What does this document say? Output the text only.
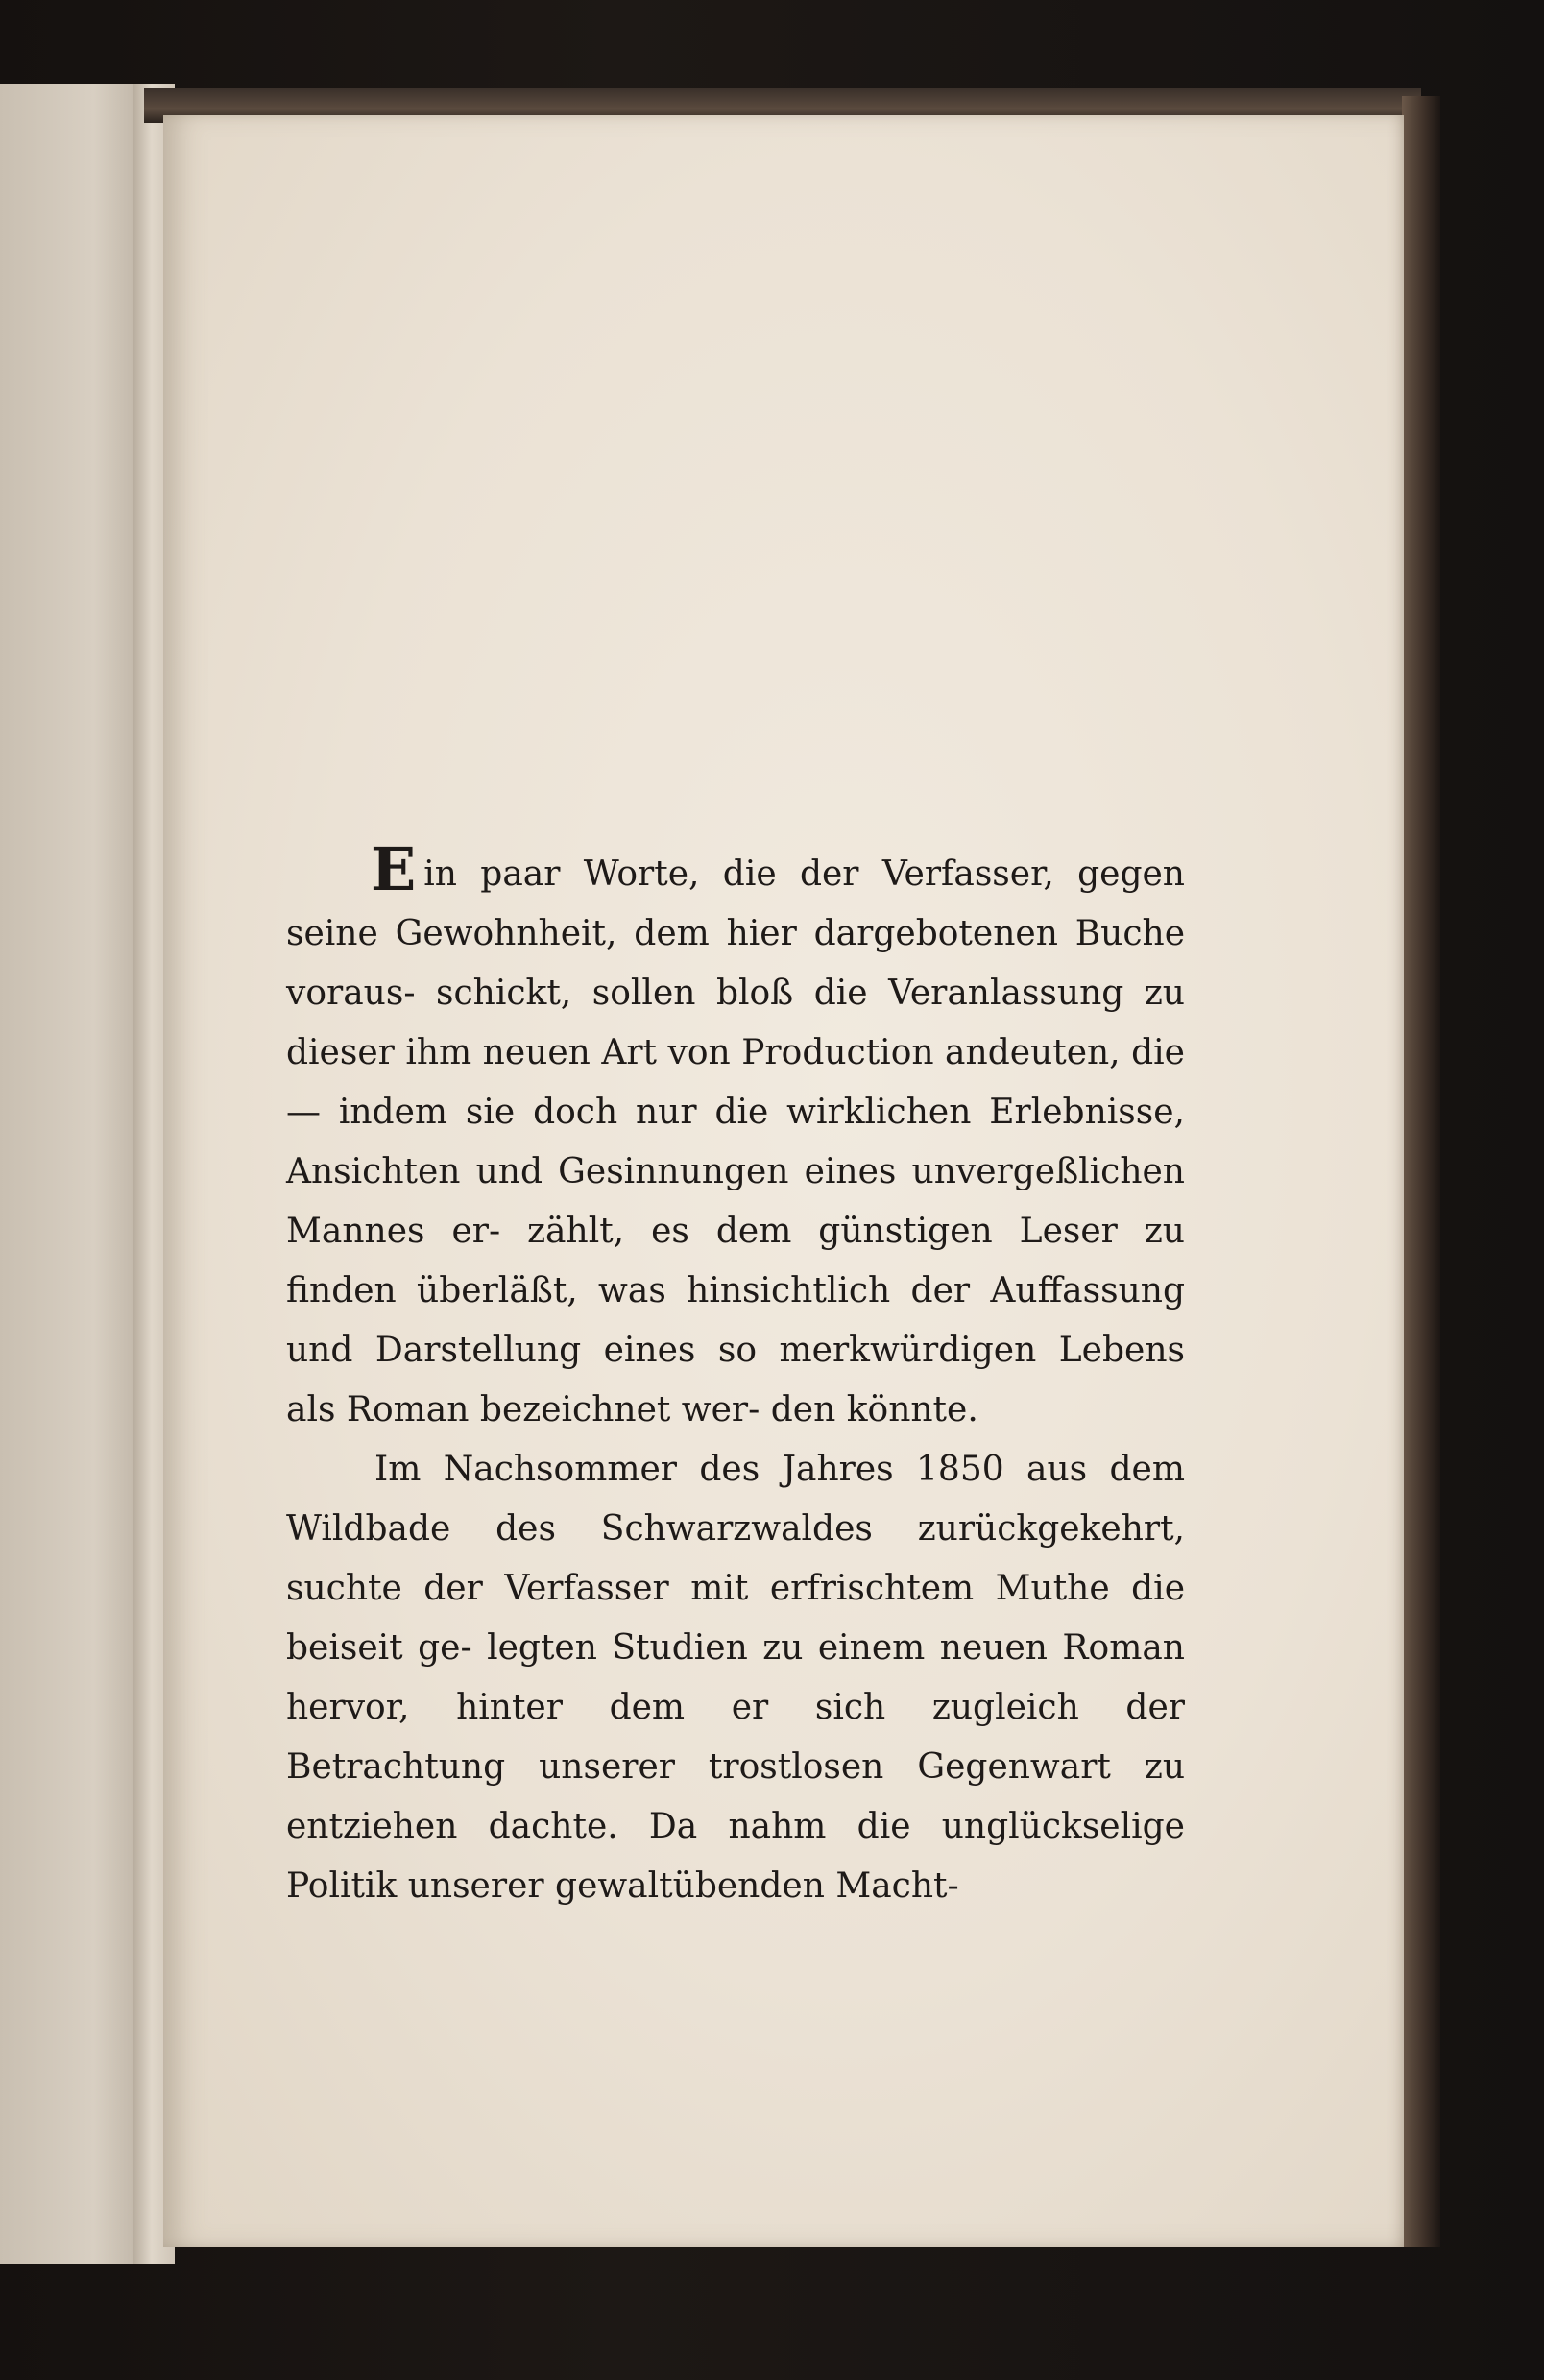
Ein paar Worte, die der Verfasser, gegen seine Gewohnheit, dem hier dargebotenen Buche voraus- schickt, sollen bloß die Veranlassung zu dieser ihm neuen Art von Production andeuten, die — indem sie doch nur die wirklichen Erlebnisse, Ansichten und Gesinnungen eines unvergeßlichen Mannes er- zählt, es dem günstigen Leser zu finden überläßt, was hinsichtlich der Auffassung und Darstellung eines so merkwürdigen Lebens als Roman bezeichnet wer- den könnte.

Im Nachsommer des Jahres 1850 aus dem Wildbade des Schwarzwaldes zurückgekehrt, suchte der Verfasser mit erfrischtem Muthe die beiseit ge- legten Studien zu einem neuen Roman hervor, hinter dem er sich zugleich der Betrachtung unserer trostlosen Gegenwart zu entziehen dachte. Da nahm die unglückselige Politik unserer gewaltübenden Macht-
